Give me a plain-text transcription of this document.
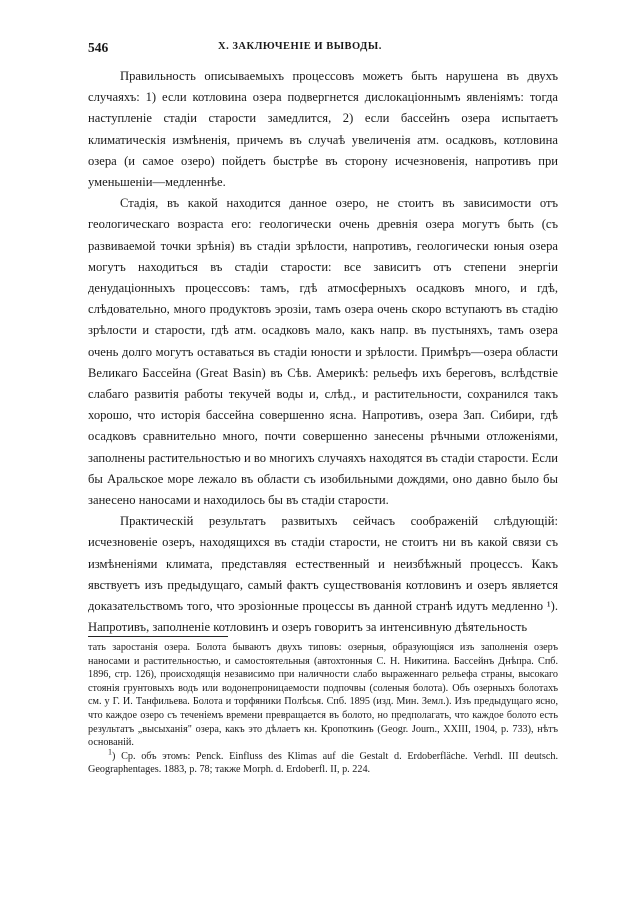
546	X. ЗАКЛЮЧЕНІЕ И ВЫВОДЫ.

Правильность описываемыхъ процессовъ можетъ быть нарушена въ двухъ случаяхъ: 1) если котловина озера подвергнется дислокаціоннымъ явленіямъ: тогда наступленіе стадіи старости замедлится, 2) если бассейнъ озера испытаетъ климатическія измѣненія, причемъ въ случаѣ увеличенія атм. осадковъ, котловина озера (и самое озеро) пойдетъ быстрѣе въ сторону исчезновенія, напротивъ при уменьшеніи—медленнѣе.

Стадія, въ какой находится данное озеро, не стоитъ въ зависимости отъ геологическаго возраста его: геологически очень древнія озера могутъ быть (съ развиваемой точки зрѣнія) въ стадіи зрѣлости, напротивъ, геологически юныя озера могутъ находиться въ стадіи старости: все зависитъ отъ степени энергіи денудаціонныхъ процессовъ: тамъ, гдѣ атмосферныхъ осадковъ много, и гдѣ, слѣдовательно, много продуктовъ эрозіи, тамъ озера очень скоро вступаютъ въ стадію зрѣлости и старости, гдѣ атм. осадковъ мало, какъ напр. въ пустыняхъ, тамъ озера очень долго могутъ оставаться въ стадіи юности и зрѣлости. Примѣръ—озера области Великаго Бассейна (Great Basin) въ Сѣв. Америкѣ: рельефъ ихъ береговъ, вслѣдствіе слабаго развитія работы текучей воды и, слѣд., и растительности, сохранился такъ хорошо, что исторія бассейна совершенно ясна. Напротивъ, озера Зап. Сибири, гдѣ осадковъ сравнительно много, почти совершенно занесены рѣчными отложеніями, заполнены растительностью и во многихъ случаяхъ находятся въ стадіи старости. Если бы Аральское море лежало въ области съ изобильными дождями, оно давно было бы занесено наносами и находилось бы въ стадіи старости.

Практическій результатъ развитыхъ сейчасъ соображеній слѣдующій: исчезновеніе озеръ, находящихся въ стадіи старости, не стоитъ ни въ какой связи съ измѣненіями климата, представляя естественный и неизбѣжный процессъ. Какъ явствуетъ изъ предыдущаго, самый фактъ существованія котловинъ и озеръ является доказательствомъ того, что эрозіонные процессы въ данной странѣ идутъ медленно ¹). Напротивъ, заполненіе котловинъ и озеръ говоритъ за интенсивную дѣятельность

тать заростанія озера. Болота бываютъ двухъ типовъ: озерныя, образующіяся изъ заполненія озеръ наносами и растительностью, и самостоятельныя (автохтонныя С. Н. Никитина. Бассейнъ Днѣпра. Спб. 1896, стр. 126), происходящія независимо при наличности слабо выраженнаго рельефа страны, высокаго стоянія грунтовыхъ водъ или водонепроницаемости подпочвы (соленыя болота). Объ озерныхъ болотахъ см. у Г. И. Танфильева. Болота и торфяники Полѣсья. Спб. 1895 (изд. Мин. Земл.). Изъ предыдущаго ясно, что каждое озеро съ теченіемъ времени превращается въ болото, но предполагать, что каждое болото есть результатъ „высыханія" озера, какъ это дѣлаетъ кн. Кропоткинъ (Geogr. Journ., XXIII, 1904, p. 733), нѣтъ основаній.

$^1$) Ср. объ этомъ: Penck. Einfluss des Klimas auf die Gestalt d. Erdoberfläche. Verhdl. III deutsch. Geographentages. 1883, p. 78; также Morph. d. Erdoberfl. II, p. 224.
